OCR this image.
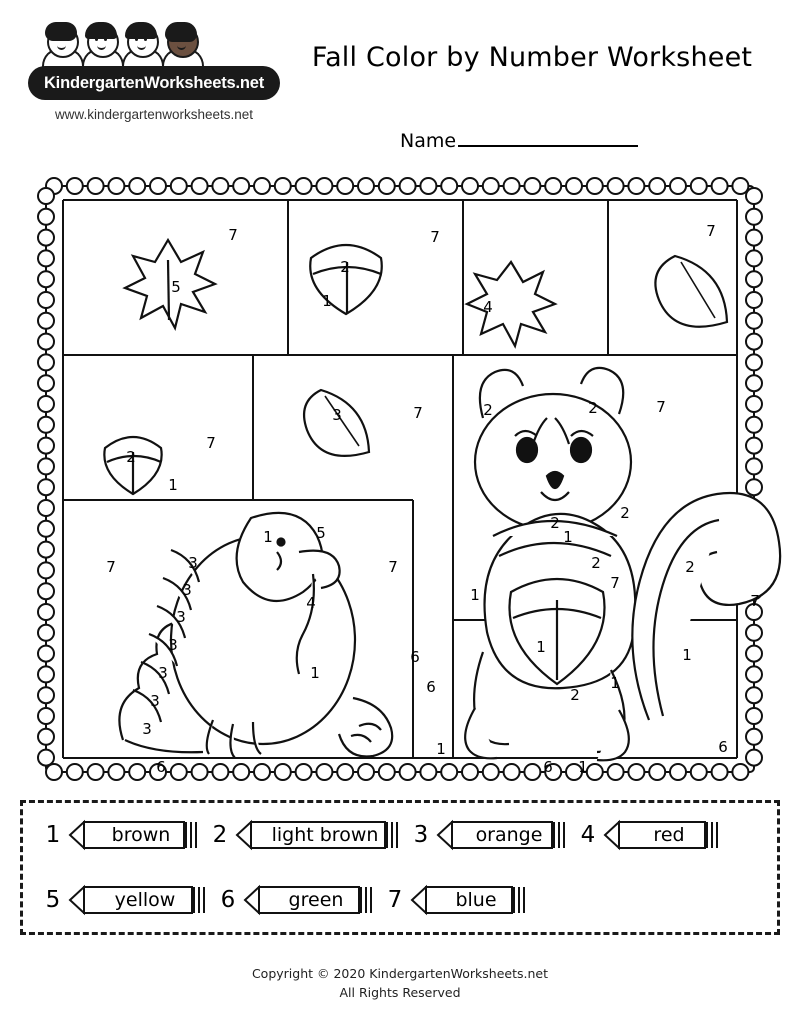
KindergartenWorksheets.net
www.kindergartenworksheets.net
Fall Color by Number Worksheet
Name
7	7	7
5
2
1	4
3	7
7
2
1
2	2	7
7
1	5
3
3
3
3
3
3
3
4
1
7
6
6
6
2
1
1
7
2
2
2
1
2
1
1
7
1
6 1
6
1	brown	2	light brown	3	orange	4	red
5	yellow	6	green	7	blue
Copyright © 2020 KindergartenWorksheets.net
All Rights Reserved
